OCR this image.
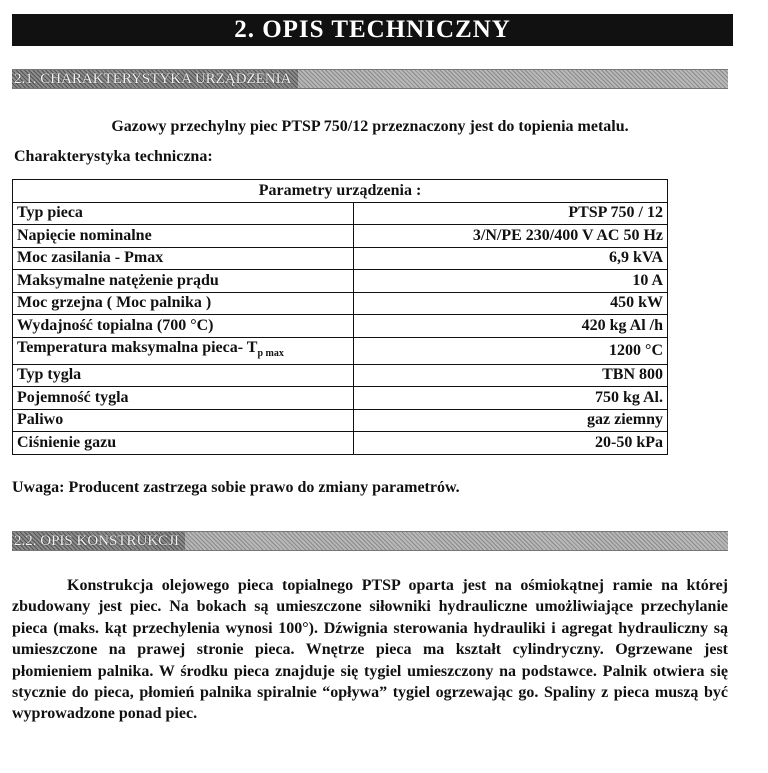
2. OPIS TECHNICZNY
2.1. CHARAKTERYSTYKA URZĄDZENIA
Gazowy przechylny piec PTSP 750/12 przeznaczony jest do topienia metalu.
Charakterystyka techniczna:
Parametry urządzenia :	
Typ pieca	PTSP 750 / 12
Napięcie nominalne	3/N/PE 230/400 V AC 50 Hz
Moc zasilania - Pmax	6,9 kVA
Maksymalne natężenie prądu	10 A
Moc grzejna ( Moc palnika )	450 kW
Wydajność topialna (700 °C)	420 kg Al /h
Temperatura maksymalna pieca- $T_{p max}$	1200 °C
Typ tygla	TBN 800
Pojemność tygla	750 kg Al.
Paliwo	gaz ziemny
Ciśnienie gazu	20-50 kPa
Uwaga: Producent zastrzega sobie prawo do zmiany parametrów.
2.2. OPIS KONSTRUKCJI
Konstrukcja olejowego pieca topialnego PTSP oparta jest na ośmiokątnej ramie na której zbudowany jest piec. Na bokach są umieszczone siłowniki hydrauliczne umożliwiające przechylanie pieca (maks. kąt przechylenia wynosi 100°). Dźwignia sterowania hydrauliki i agregat hydrauliczny są umieszczone na prawej stronie pieca. Wnętrze pieca ma kształt cylindryczny. Ogrzewane jest płomieniem palnika. W środku pieca znajduje się tygiel umieszczony na podstawce. Palnik otwiera się stycznie do pieca, płomień palnika spiralnie “opływa” tygiel ogrzewając go. Spaliny z pieca muszą być wyprowadzone ponad piec.
